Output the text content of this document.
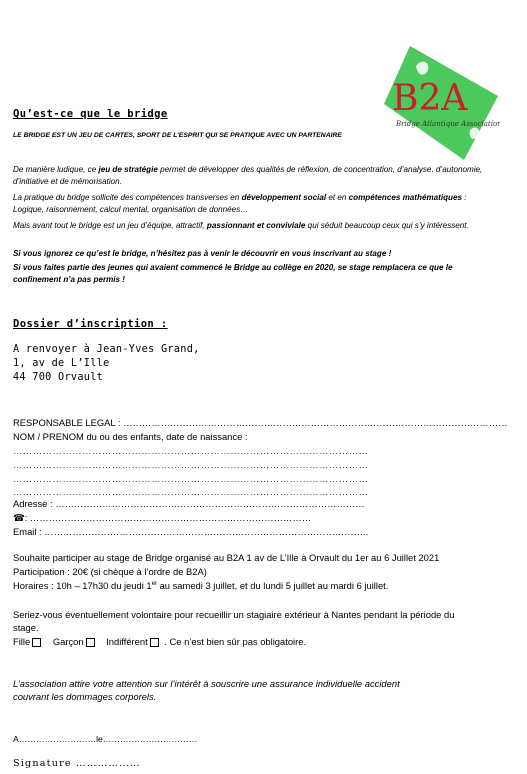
B2A
Bridge Atlantique Association
Qu’est-ce que le bridge
LE BRIDGE EST UN JEU DE CARTES, SPORT DE L’ESPRIT QUI SE PRATIQUE AVEC UN PARTENAIRE
De manière ludique, ce jeu de stratégie permet de développer des qualités de réflexion, de concentration, d’analyse, d’autonomie, d’initiative et de mémorisation.
La pratique du bridge sollicite des compétences transverses en développement social et en compétences mathématiques : Logique, raisonnement, calcul mental, organisation de données…
Mais avant tout le bridge est un jeu d’équipe, attractif, passionnant et conviviale qui séduit beaucoup ceux qui s’y intéressent.
Si vous ignorez ce qu’est le bridge, n’hésitez pas à venir le découvrir en vous inscrivant au stage !
Si vous faites partie des jeunes qui avaient commencé le Bridge au collège en 2020, se stage remplacera ce que le confinement n’a pas permis !
Dossier d’inscription :
A renvoyer à Jean-Yves Grand,
1, av de L’Ille
44 700 Orvault
RESPONSABLE LEGAL : ……………………………………………………………………………………………………………
NOM / PRENOM du ou des enfants, date de naissance :
………………………………………………………………………………………………
………………………………………………………………………………………………
………………………………………………………………………………………………
………………………………………………………………………………………………
Adresse : ………………………………………………………………………………………
☎: ………………………………………………………………………………
Email : …………………………………………………………………………………………..
Souhaite participer au stage de Bridge organisé au B2A 1 av de L’Ille à Orvault du 1er au 6 Juillet 2021
Participation : 20€ (si chèque à l’ordre de B2A)
Horaires : 10h – 17h30 du jeudi 1er au samedi 3 juillet, et du lundi 5 juillet au mardi 6 juillet.
Seriez-vous éventuellement volontaire pour recueillir un stagiaire extérieur à Nantes pendant la période du
stage.
Fille Garçon Indifférent . Ce n’est bien sûr pas obligatoire.
L’association attire votre attention sur l’intérêt à souscrire une assurance individuelle accident
couvrant les dommages corporels.
A………………………le……………………………
Signature ………………
